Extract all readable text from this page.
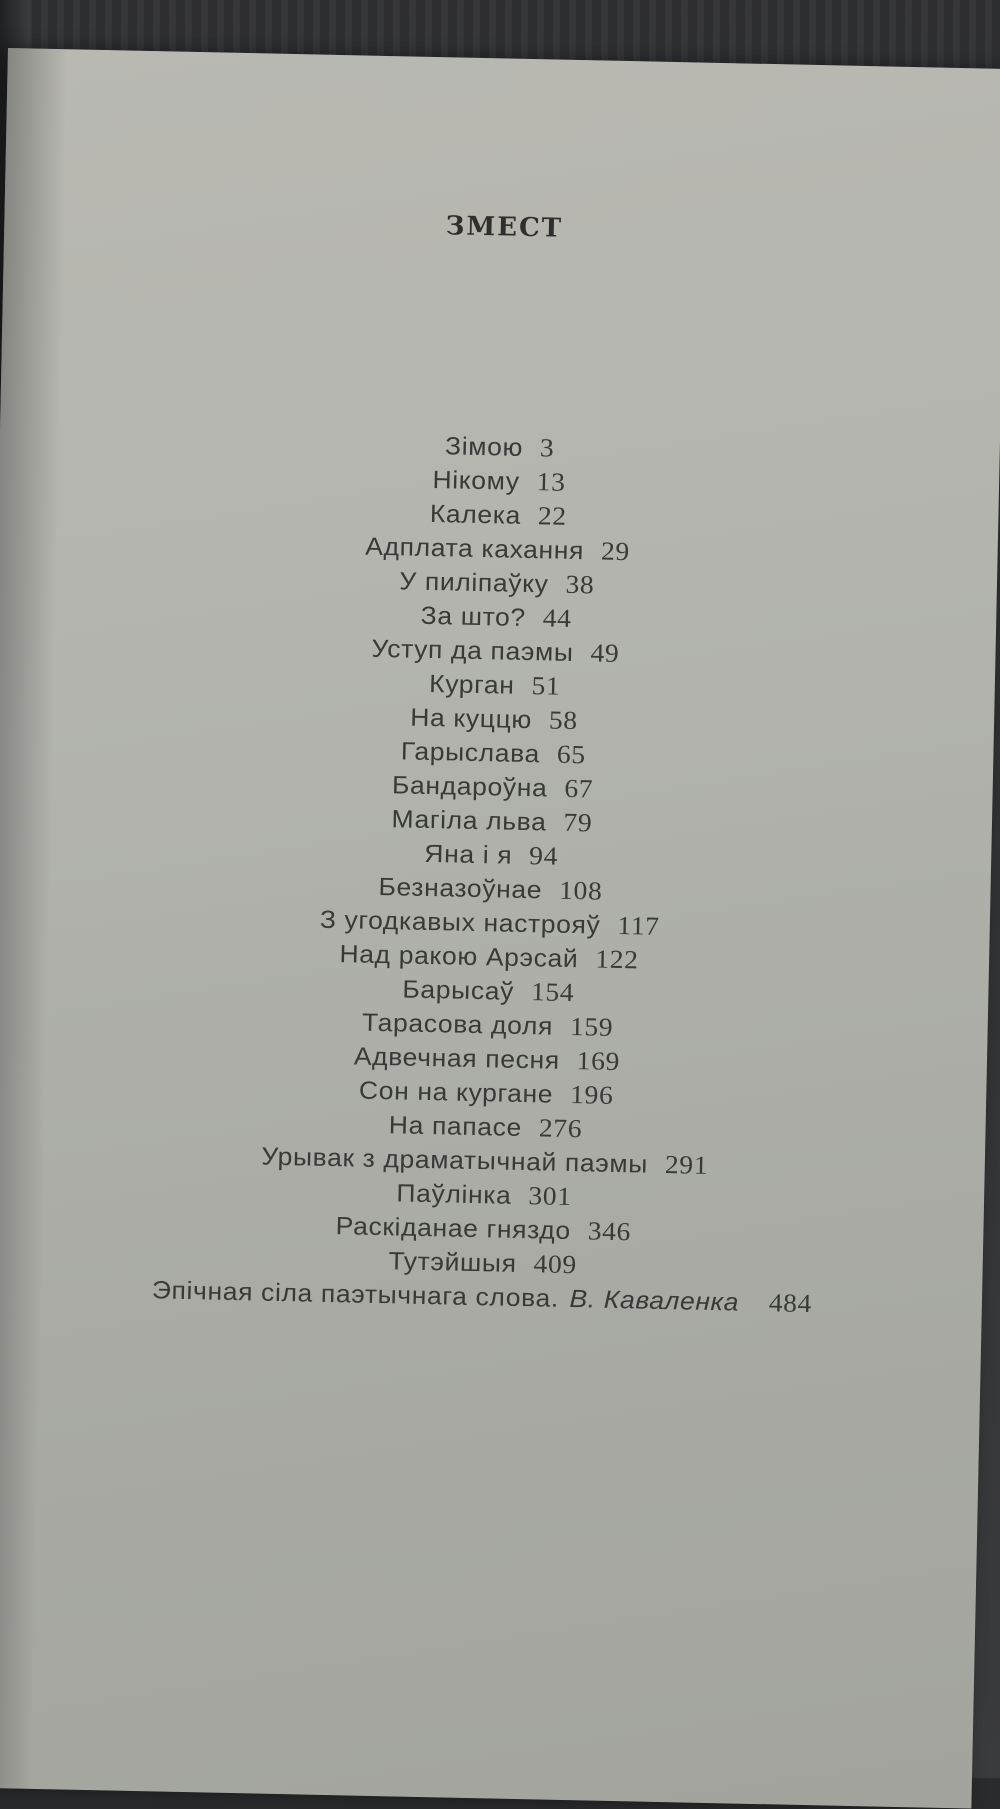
ЗМЕСТ
Зімою 3
Нікому 13
Калека 22
Адплата кахання 29
У пиліпаўку 38
За што? 44
Уступ да паэмы 49
Курган 51
На куццю 58
Гарыслава 65
Бандароўна 67
Магіла льва 79
Яна і я 94
Безназоўнае 108
З угодкавых настрояў 117
Над ракою Арэсай 122
Барысаў 154
Тарасова доля 159
Адвечная песня 169
Сон на кургане 196
На папасе 276
Урывак з драматычнай паэмы 291
Паўлінка 301
Раскіданае гняздо 346
Тутэйшыя 409
Эпічная сіла паэтычнага слова. В. Каваленка 484
